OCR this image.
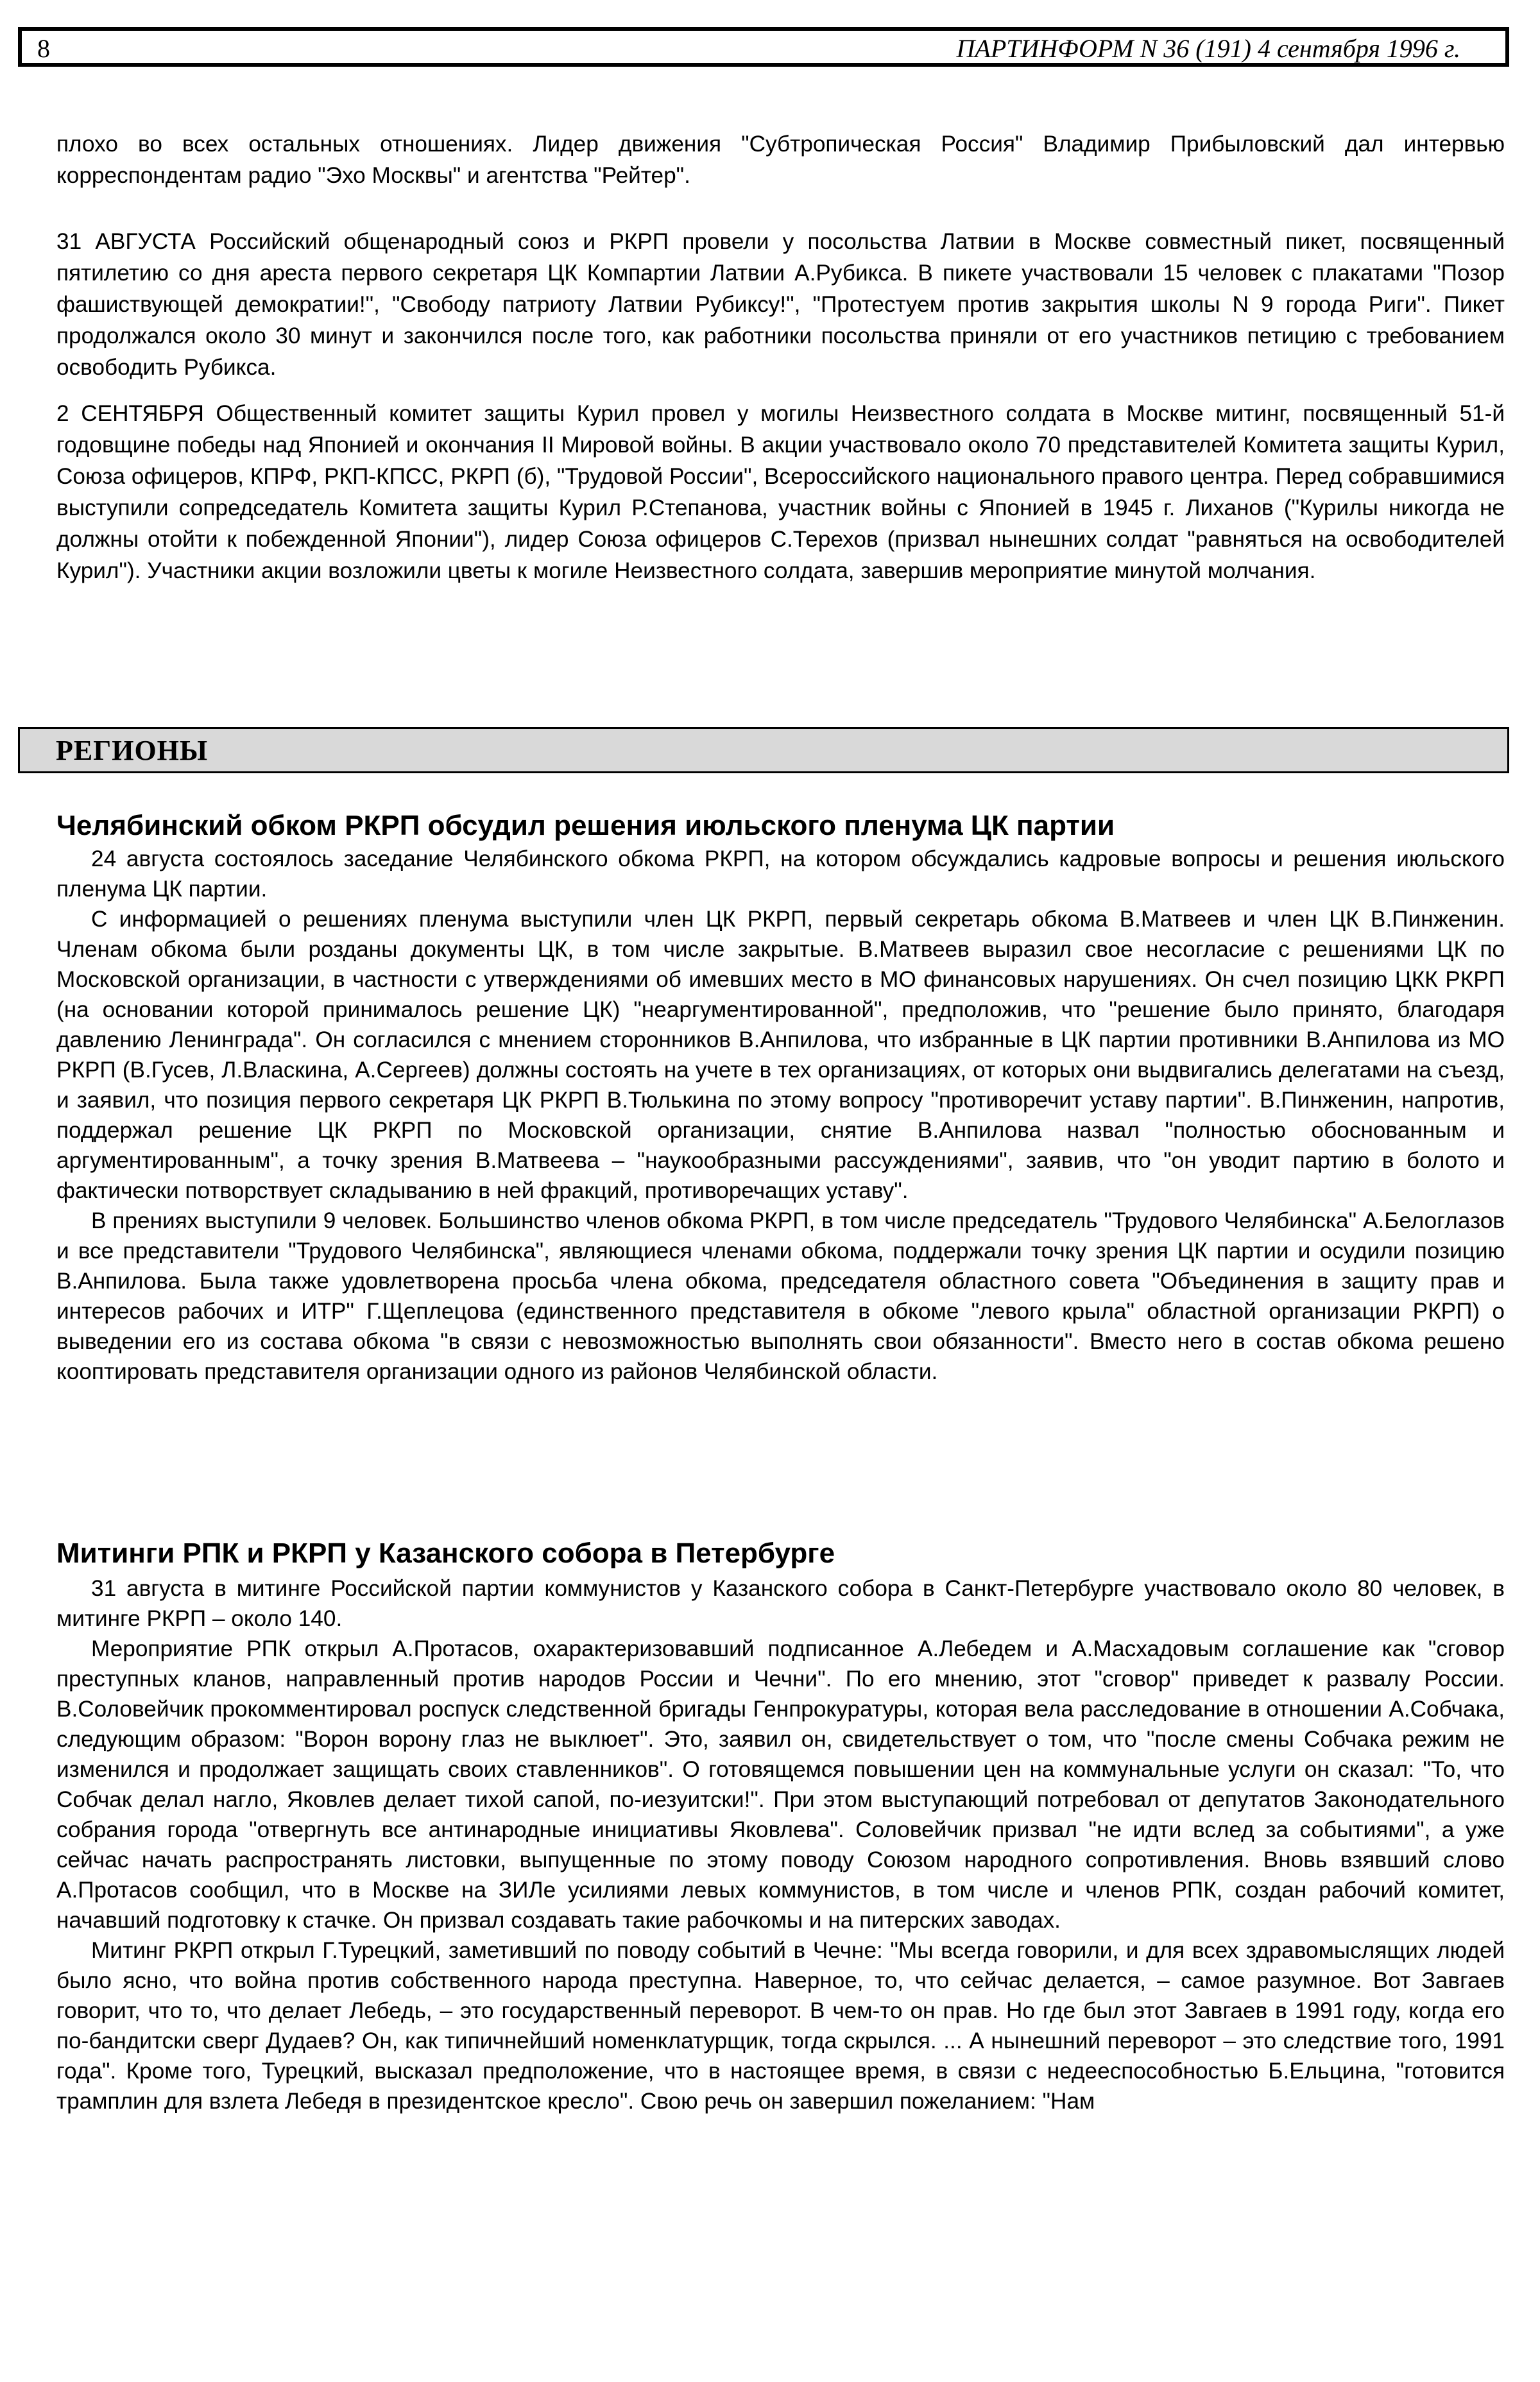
8	ПАРТИНФОРМ N 36 (191) 4 сентября 1996 г.
плохо во всех остальных отношениях. Лидер движения "Субтропическая Россия" Владимир Прибыловский дал интервью корреспондентам радио "Эхо Москвы" и агентства "Рейтер".
31 АВГУСТА Российский общенародный союз и РКРП провели у посольства Латвии в Москве совместный пикет, посвященный пятилетию со дня ареста первого секретаря ЦК Компартии Латвии А.Рубикса. В пикете участвовали 15 человек с плакатами "Позор фашиствующей демократии!", "Свободу патриоту Латвии Рубиксу!", "Протестуем против закрытия школы N 9 города Риги". Пикет продолжался около 30 минут и закончился после того, как работники посольства приняли от его участников петицию с требованием освободить Рубикса.
2 СЕНТЯБРЯ Общественный комитет защиты Курил провел у могилы Неизвестного солдата в Москве митинг, посвященный 51-й годовщине победы над Японией и окончания II Мировой войны. В акции участвовало около 70 представителей Комитета защиты Курил, Союза офицеров, КПРФ, РКП-КПСС, РКРП (б), "Трудовой России", Всероссийского национального правого центра. Перед собравшимися выступили сопредседатель Комитета защиты Курил Р.Степанова, участник войны с Японией в 1945 г. Лиханов ("Курилы никогда не должны отойти к побежденной Японии"), лидер Союза офицеров С.Терехов (призвал нынешних солдат "равняться на освободителей Курил"). Участники акции возложили цветы к могиле Неизвестного солдата, завершив мероприятие минутой молчания.
РЕГИОНЫ
Челябинский обком РКРП обсудил решения июльского пленума ЦК партии

24 августа состоялось заседание Челябинского обкома РКРП, на котором обсуждались кадровые вопросы и решения июльского пленума ЦК партии.

С информацией о решениях пленума выступили член ЦК РКРП, первый секретарь обкома В.Матвеев и член ЦК В.Пинженин. Членам обкома были розданы документы ЦК, в том числе закрытые. В.Матвеев выразил свое несогласие с решениями ЦК по Московской организации, в частности с утверждениями об имевших место в МО финансовых нарушениях. Он счел позицию ЦКК РКРП (на основании которой принималось решение ЦК) "неаргументированной", предположив, что "решение было принято, благодаря давлению Ленинграда". Он согласился с мнением сторонников В.Анпилова, что избранные в ЦК партии противники В.Анпилова из МО РКРП (В.Гусев, Л.Власкина, А.Сергеев) должны состоять на учете в тех организациях, от которых они выдвигались делегатами на съезд, и заявил, что позиция первого секретаря ЦК РКРП В.Тюлькина по этому вопросу "противоречит уставу партии". В.Пинженин, напротив, поддержал решение ЦК РКРП по Московской организации, снятие В.Анпилова назвал "полностью обоснованным и аргументированным", а точку зрения В.Матвеева – "наукообразными рассуждениями", заявив, что "он уводит партию в болото и фактически потворствует складыванию в ней фракций, противоречащих уставу".

В прениях выступили 9 человек. Большинство членов обкома РКРП, в том числе председатель "Трудового Челябинска" А.Белоглазов и все представители "Трудового Челябинска", являющиеся членами обкома, поддержали точку зрения ЦК партии и осудили позицию В.Анпилова. Была также удовлетворена просьба члена обкома, председателя областного совета "Объединения в защиту прав и интересов рабочих и ИТР" Г.Щеплецова (единственного представителя в обкоме "левого крыла" областной организации РКРП) о выведении его из состава обкома "в связи с невозможностью выполнять свои обязанности". Вместо него в состав обкома решено кооптировать представителя организации одного из районов Челябинской области.

Митинги РПК и РКРП у Казанского собора в Петербурге

31 августа в митинге Российской партии коммунистов у Казанского собора в Санкт-Петербурге участвовало около 80 человек, в митинге РКРП – около 140.

Мероприятие РПК открыл А.Протасов, охарактеризовавший подписанное А.Лебедем и А.Масхадовым соглашение как "сговор преступных кланов, направленный против народов России и Чечни". По его мнению, этот "сговор" приведет к развалу России. В.Соловейчик прокомментировал роспуск следственной бригады Генпрокуратуры, которая вела расследование в отношении А.Собчака, следующим образом: "Ворон ворону глаз не выклюет". Это, заявил он, свидетельствует о том, что "после смены Собчака режим не изменился и продолжает защищать своих ставленников". О готовящемся повышении цен на коммунальные услуги он сказал: "То, что Собчак делал нагло, Яковлев делает тихой сапой, по-иезуитски!". При этом выступающий потребовал от депутатов Законодательного собрания города "отвергнуть все антинародные инициативы Яковлева". Соловейчик призвал "не идти вслед за событиями", а уже сейчас начать распространять листовки, выпущенные по этому поводу Союзом народного сопротивления. Вновь взявший слово А.Протасов сообщил, что в Москве на ЗИЛе усилиями левых коммунистов, в том числе и членов РПК, создан рабочий комитет, начавший подготовку к стачке. Он призвал создавать такие рабочкомы и на питерских заводах.

Митинг РКРП открыл Г.Турецкий, заметивший по поводу событий в Чечне: "Мы всегда говорили, и для всех здравомыслящих людей было ясно, что война против собственного народа преступна. Наверное, то, что сейчас делается, – самое разумное. Вот Завгаев говорит, что то, что делает Лебедь, – это государственный переворот. В чем-то он прав. Но где был этот Завгаев в 1991 году, когда его по-бандитски сверг Дудаев? Он, как типичнейший номенклатурщик, тогда скрылся. ... А нынешний переворот – это следствие того, 1991 года". Кроме того, Турецкий, высказал предположение, что в настоящее время, в связи с недееспособностью Б.Ельцина, "готовится трамплин для взлета Лебедя в президентское кресло". Свою речь он завершил пожеланием: "Нам
